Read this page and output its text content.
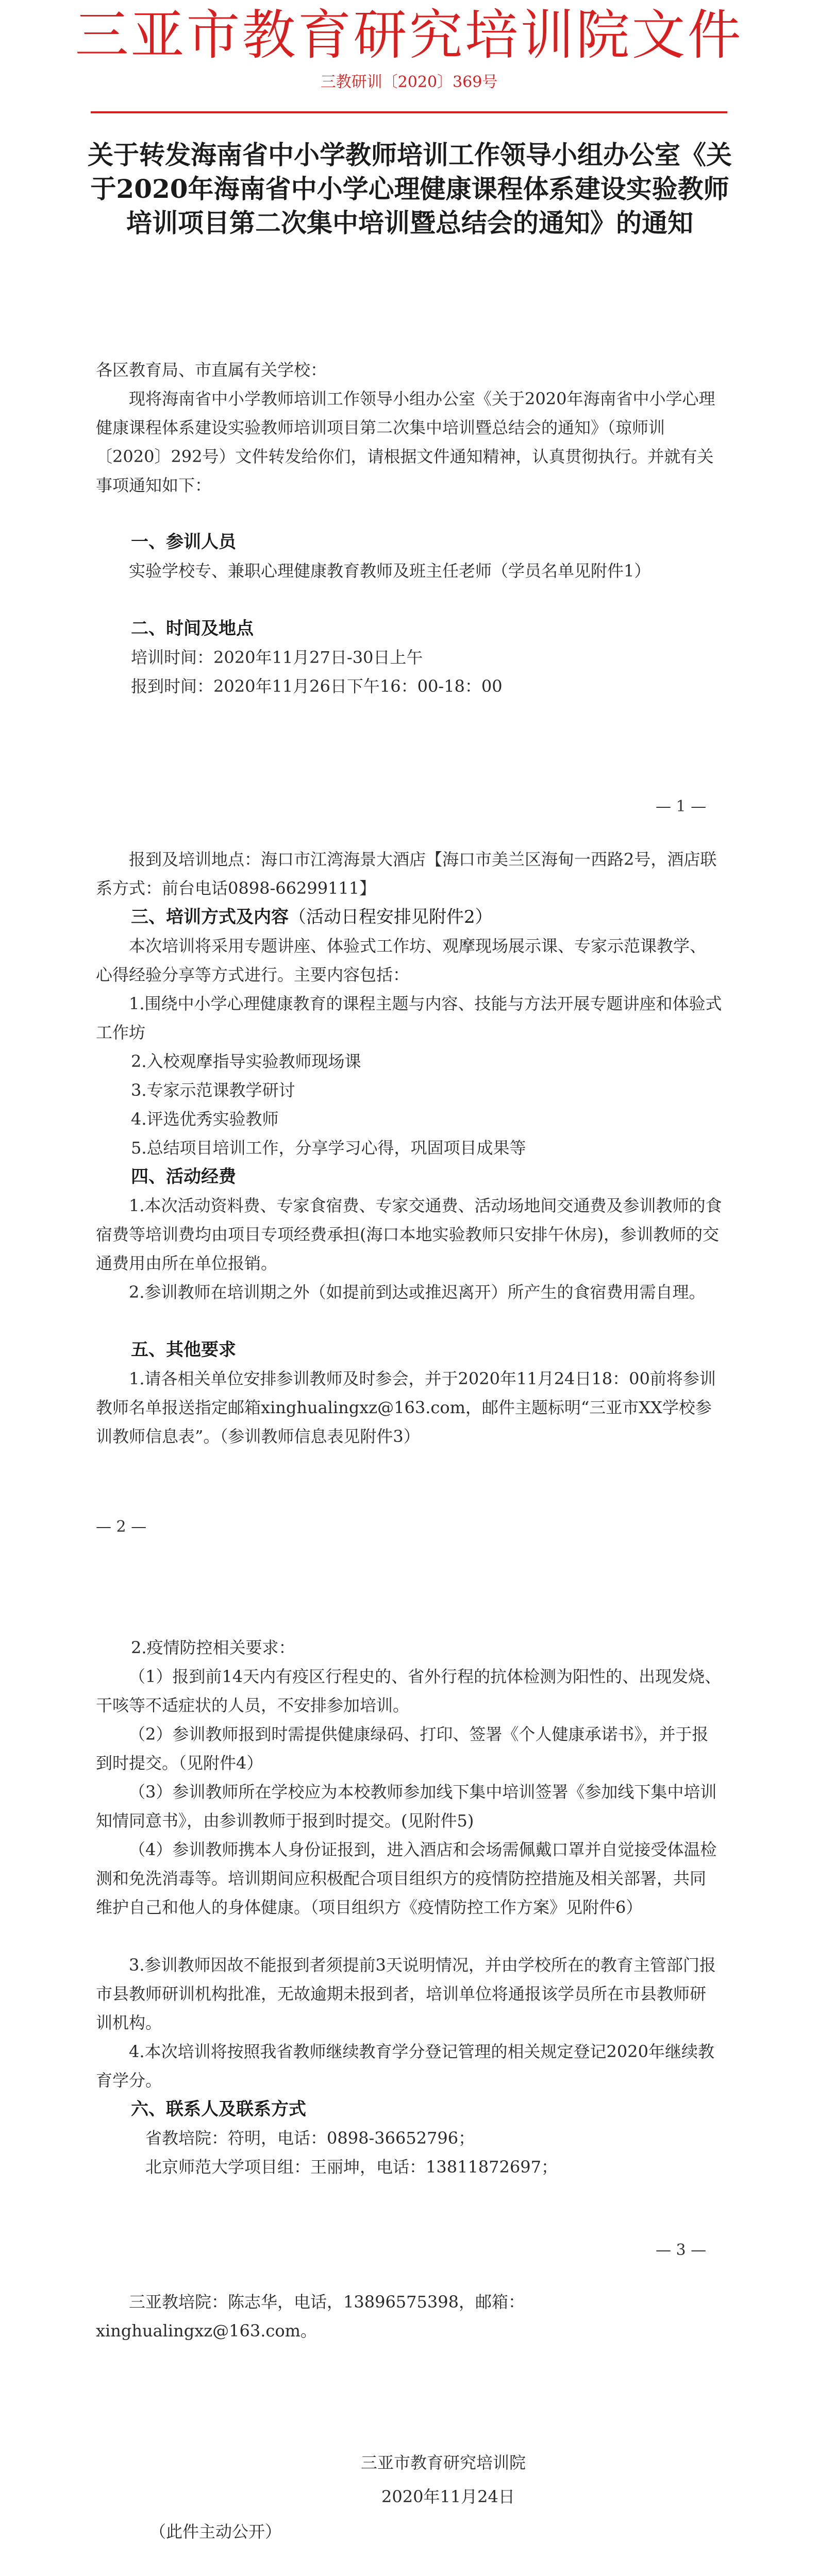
三亚市教育研究培训院文件
三教研训〔2020〕369号
关于转发海南省中小学教师培训工作领导小组办公室《关于2020年海南省中小学心理健康课程体系建设实验教师培训项目第二次集中培训暨总结会的通知》的通知
各区教育局、市直属有关学校：
现将海南省中小学教师培训工作领导小组办公室《关于2020年海南省中小学心理健康课程体系建设实验教师培训项目第二次集中培训暨总结会的通知》（琼师训〔2020〕292号）文件转发给你们，请根据文件通知精神，认真贯彻执行。并就有关事项通知如下：
一、参训人员
实验学校专、兼职心理健康教育教师及班主任老师（学员名单见附件1）
二、时间及地点
培训时间：2020年11月27日-30日上午
报到时间：2020年11月26日下午16：00-18：00
— 1 —
报到及培训地点：海口市江湾海景大酒店【海口市美兰区海甸一西路2号，酒店联系方式：前台电话0898-66299111】
三、培训方式及内容（活动日程安排见附件2）
本次培训将采用专题讲座、体验式工作坊、观摩现场展示课、专家示范课教学、心得经验分享等方式进行。主要内容包括：
1.围绕中小学心理健康教育的课程主题与内容、技能与方法开展专题讲座和体验式工作坊
2.入校观摩指导实验教师现场课
3.专家示范课教学研讨
4.评选优秀实验教师
5.总结项目培训工作，分享学习心得，巩固项目成果等
四、活动经费
1.本次活动资料费、专家食宿费、专家交通费、活动场地间交通费及参训教师的食宿费等培训费均由项目专项经费承担(海口本地实验教师只安排午休房)，参训教师的交通费用由所在单位报销。
2.参训教师在培训期之外（如提前到达或推迟离开）所产生的食宿费用需自理。
五、其他要求
1.请各相关单位安排参训教师及时参会，并于2020年11月24日18：00前将参训教师名单报送指定邮箱xinghualingxz@163.com，邮件主题标明“三亚市XX学校参训教师信息表”。（参训教师信息表见附件3）
— 2 —
2.疫情防控相关要求：
（1）报到前14天内有疫区行程史的、省外行程的抗体检测为阳性的、出现发烧、干咳等不适症状的人员，不安排参加培训。
（2）参训教师报到时需提供健康绿码、打印、签署《个人健康承诺书》，并于报到时提交。（见附件4）
（3）参训教师所在学校应为本校教师参加线下集中培训签署《参加线下集中培训知情同意书》，由参训教师于报到时提交。(见附件5)
（4）参训教师携本人身份证报到，进入酒店和会场需佩戴口罩并自觉接受体温检测和免洗消毒等。培训期间应积极配合项目组织方的疫情防控措施及相关部署，共同维护自己和他人的身体健康。（项目组织方《疫情防控工作方案》见附件6）
3.参训教师因故不能报到者须提前3天说明情况，并由学校所在的教育主管部门报市县教师研训机构批准，无故逾期未报到者，培训单位将通报该学员所在市县教师研训机构。
4.本次培训将按照我省教师继续教育学分登记管理的相关规定登记2020年继续教育学分。
六、联系人及联系方式
省教培院：符明，电话：0898-36652796；
北京师范大学项目组：王丽坤，电话：13811872697；
— 3 —
三亚教培院：陈志华，电话，13896575398，邮箱：xinghualingxz@163.com。
三亚市教育研究培训院
2020年11月24日
（此件主动公开）
